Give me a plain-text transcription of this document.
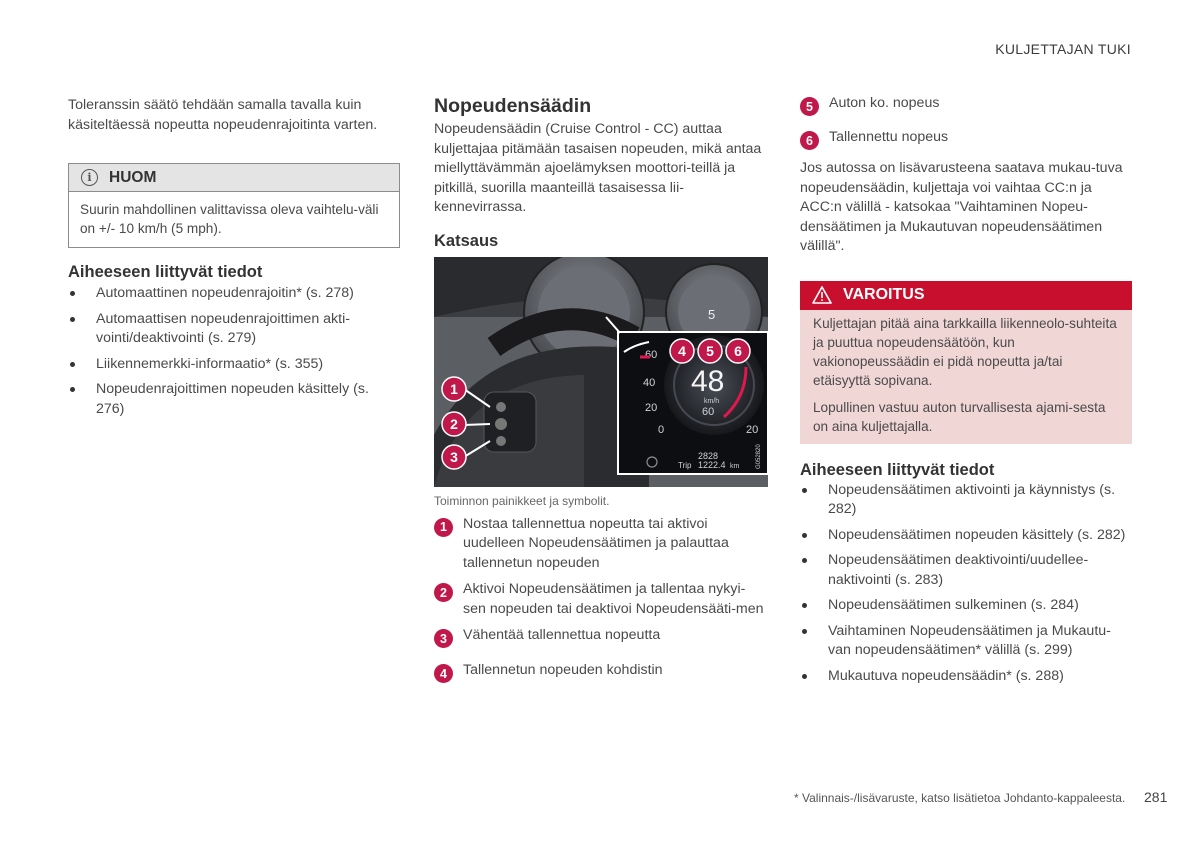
KULJETTAJAN TUKI

Toleranssin säätö tehdään samalla tavalla kuin käsiteltäessä nopeutta nopeudenrajoitinta varten.

i	HUOM
Suurin mahdollinen valittavissa oleva vaihtelu-väli on +/- 10 km/h (5 mph).
Aiheeseen liittyvät tiedot
Automaattinen nopeudenrajoitin* (s. 278)
Automaattisen nopeudenrajoittimen akti-vointi/deaktivointi (s. 279)
Liikennemerkki-informaatio* (s. 355)
Nopeudenrajoittimen nopeuden käsittely (s. 276)
Nopeudensäädin

Nopeudensäädin (Cruise Control - CC) auttaa kuljettajaa pitämään tasaisen nopeuden, mikä antaa miellyttävämmän ajoelämyksen moottori-teillä ja pitkillä, suorilla maanteillä tasaisessa lii-kennevirrassa.

Katsaus
48	5
40
20
0	20
60
48
km/h
60
2828
Trip 1222.4 km	G052820
1
2
3
4 5 6
Toiminnon painikkeet ja symbolit.
1	Nostaa tallennettua nopeutta tai aktivoi uudelleen Nopeudensäätimen ja palauttaa tallennetun nopeuden
2	Aktivoi Nopeudensäätimen ja tallentaa nykyi-sen nopeuden tai deaktivoi Nopeudensääti-men
3	Vähentää tallennettua nopeutta
4	Tallennetun nopeuden kohdistin
5	Auton ko. nopeus
6	Tallennettu nopeus

Jos autossa on lisävarusteena saatava mukau-tuva nopeudensäädin, kuljettaja voi vaihtaa CC:n ja ACC:n välillä - katsokaa "Vaihtaminen Nopeu-densäätimen ja Mukautuvan nopeudensäätimen välillä".

VAROITUS

Kuljettajan pitää aina tarkkailla liikenneolo-suhteita ja puuttua nopeudensäätöön, kun vakionopeussäädin ei pidä nopeutta ja/tai etäisyyttä sopivana.

Lopullinen vastuu auton turvallisesta ajami-sesta on aina kuljettajalla.

Aiheeseen liittyvät tiedot
Nopeudensäätimen aktivointi ja käynnistys (s. 282)
Nopeudensäätimen nopeuden käsittely (s. 282)
Nopeudensäätimen deaktivointi/uudellee-naktivointi (s. 283)
Nopeudensäätimen sulkeminen (s. 284)
Vaihtaminen Nopeudensäätimen ja Mukautu-van nopeudensäätimen* välillä (s. 299)
Mukautuva nopeudensäädin* (s. 288)
* Valinnais-/lisävaruste, katso lisätietoa Johdanto-kappaleesta. 281
